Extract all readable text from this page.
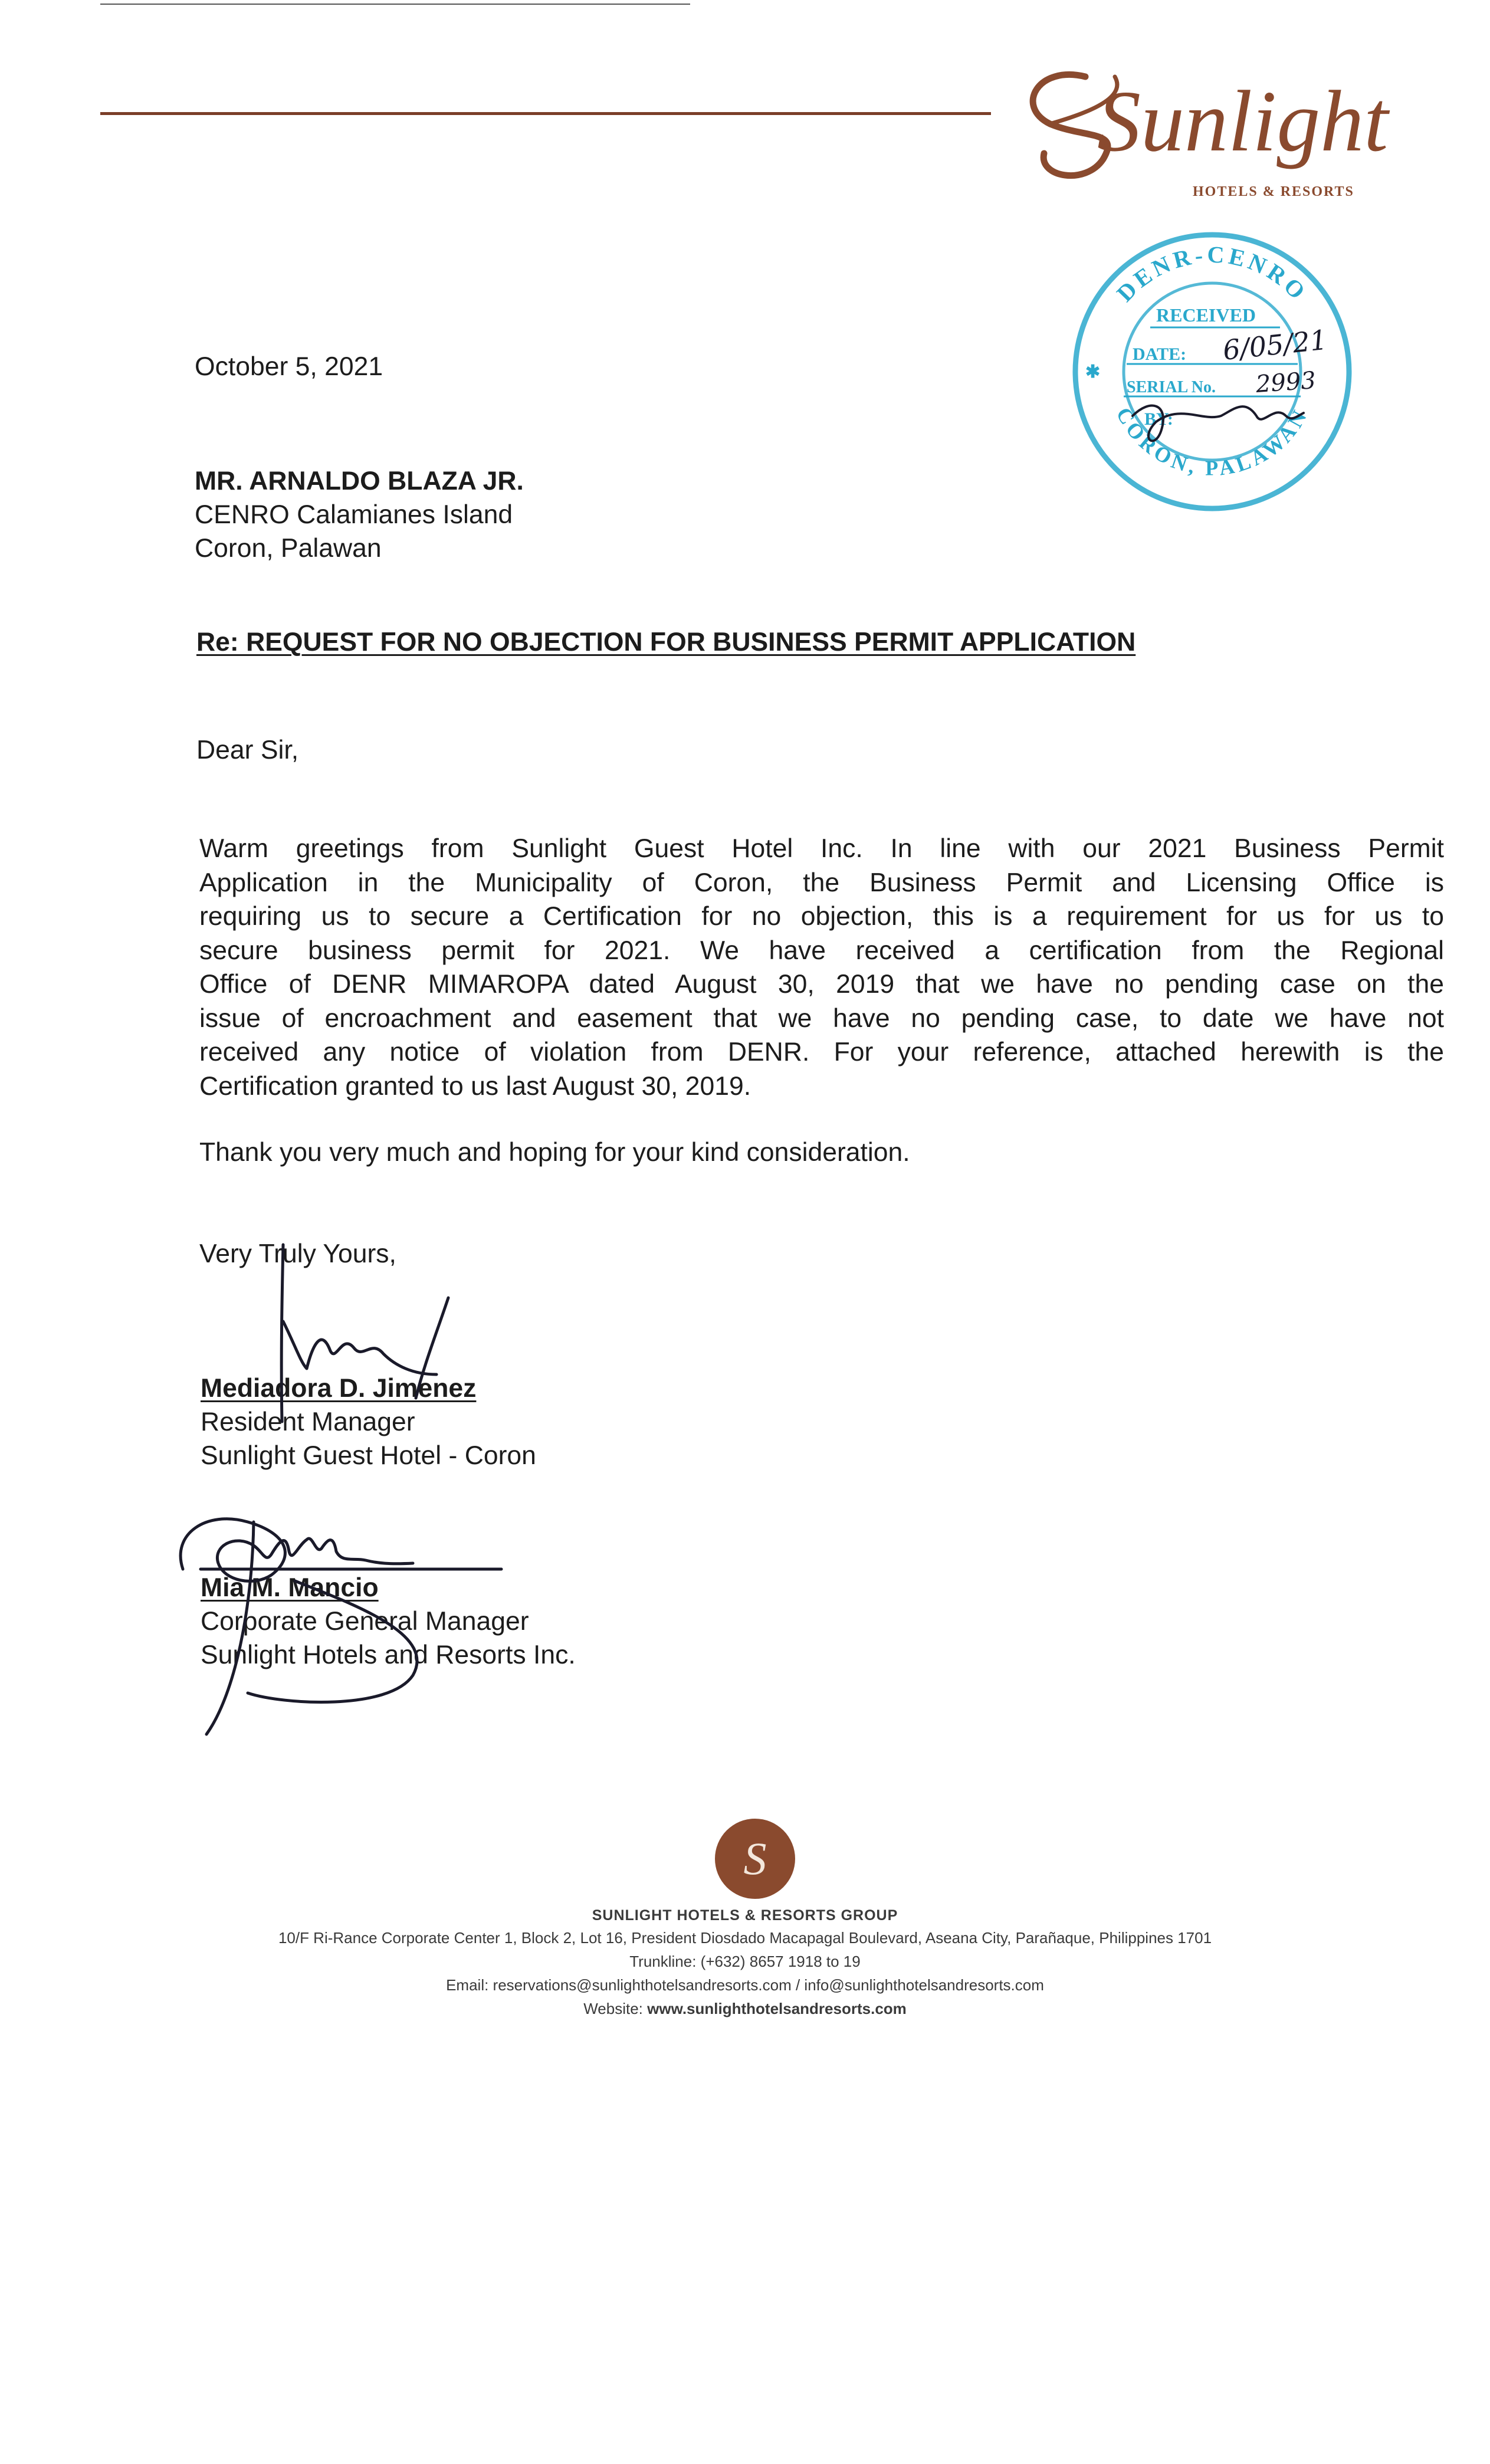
Sunlight
HOTELS & RESORTS
DENR-CENRO
CORON, PALAWAN
✱
RECEIVED
DATE:
SERIAL No.
BY:
6/05/21
2993
October 5, 2021
MR. ARNALDO BLAZA JR.
CENRO Calamianes Island
Coron, Palawan
Re: REQUEST FOR NO OBJECTION FOR BUSINESS PERMIT APPLICATION
Dear Sir,
Warm greetings from Sunlight Guest Hotel Inc. In line with our 2021 Business Permit
Application in the Municipality of Coron, the Business Permit and Licensing Office is
requiring us to secure a Certification for no objection, this is a requirement for us for us to
secure business permit for 2021. We have received a certification from the Regional
Office of DENR MIMAROPA dated August 30, 2019 that we have no pending case on the
issue of encroachment and easement that we have no pending case, to date we have not
received any notice of violation from DENR. For your reference, attached herewith is the
Certification granted to us last August 30, 2019.
Thank you very much and hoping for your kind consideration.
Very Truly Yours,
Mediadora D. Jimenez
Resident Manager
Sunlight Guest Hotel - Coron
Mia M. Mancio
Corporate General Manager
Sunlight Hotels and Resorts Inc.
S
SUNLIGHT HOTELS & RESORTS GROUP
10/F Ri-Rance Corporate Center 1, Block 2, Lot 16, President Diosdado Macapagal Boulevard, Aseana City, Parañaque, Philippines 1701
Trunkline: (+632) 8657 1918 to 19
Email: reservations@sunlighthotelsandresorts.com / info@sunlighthotelsandresorts.com
Website: www.sunlighthotelsandresorts.com
